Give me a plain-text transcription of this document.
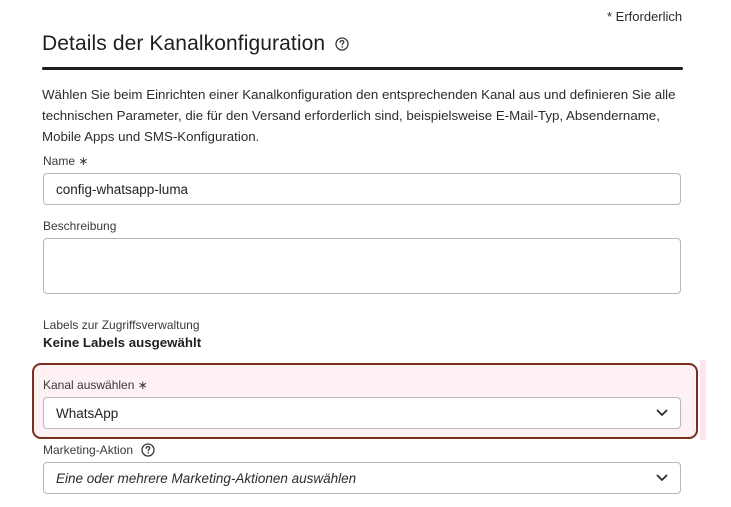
* Erforderlich
Details der Kanalkonfiguration
Wählen Sie beim Einrichten einer Kanalkonfiguration den entsprechenden Kanal aus und definieren Sie alle technischen Parameter, die für den Versand erforderlich sind, beispielsweise E-Mail-Typ, Absendername, Mobile Apps und SMS-Konfiguration.
Name ∗
config-whatsapp-luma
Beschreibung
Labels zur Zugriffsverwaltung
Keine Labels ausgewählt
Kanal auswählen ∗
WhatsApp
Marketing-Aktion
Eine oder mehrere Marketing-Aktionen auswählen
